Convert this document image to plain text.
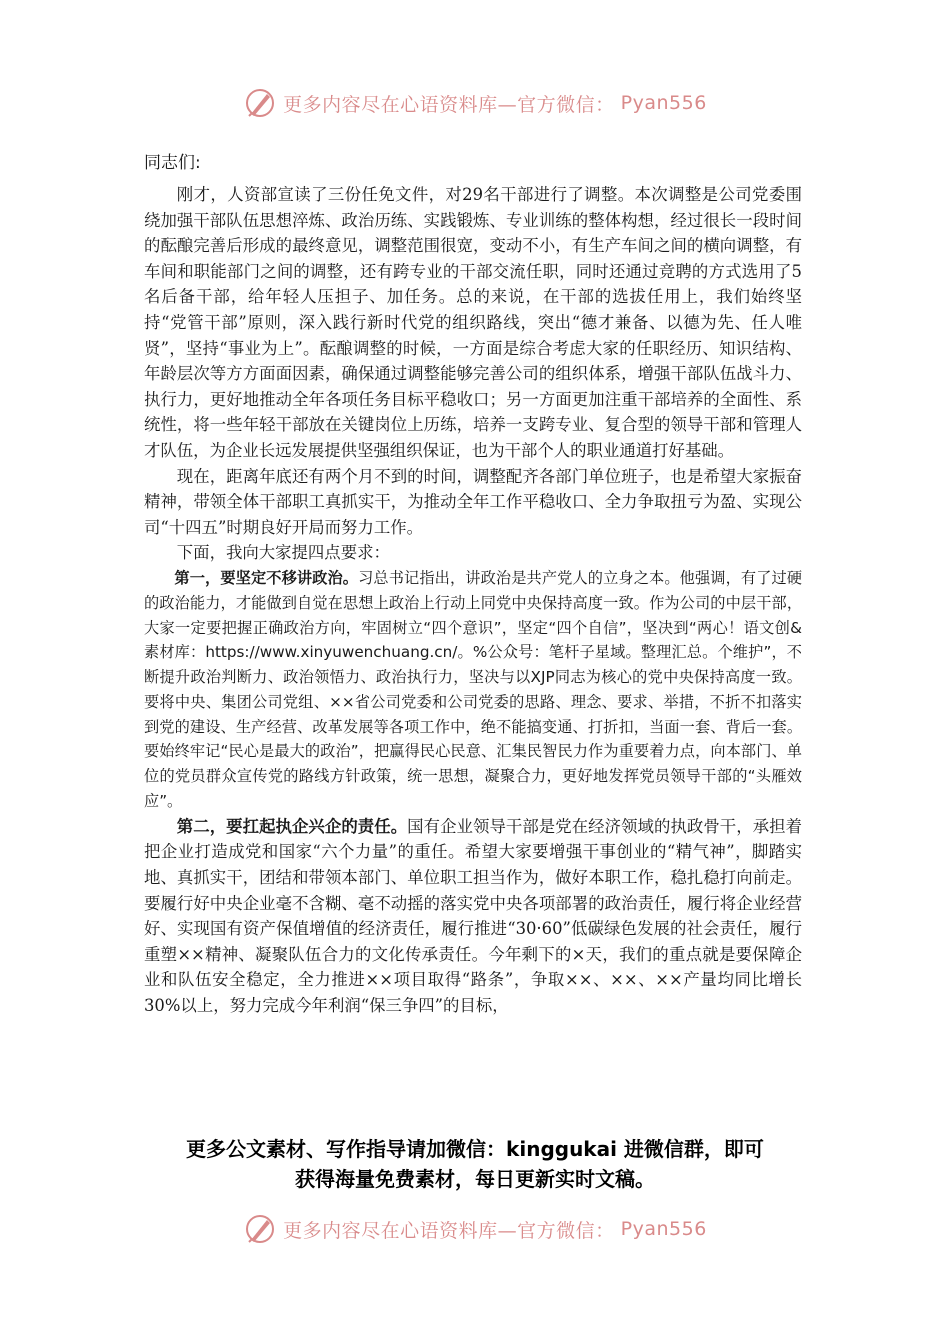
更多内容尽在心语资料库—官方微信： Pyan556
同志们:

刚才，人资部宣读了三份任免文件，对29名干部进行了调整。本次调整是公司党委围绕加强干部队伍思想淬炼、政治历练、实践锻炼、专业训练的整体构想，经过很长一段时间的酝酿完善后形成的最终意见，调整范围很宽，变动不小，有生产车间之间的横向调整，有车间和职能部门之间的调整，还有跨专业的干部交流任职，同时还通过竞聘的方式选用了5名后备干部，给年轻人压担子、加任务。总的来说，在干部的选拔任用上，我们始终坚持“党管干部”原则，深入践行新时代党的组织路线，突出“德才兼备、以德为先、任人唯贤”，坚持“事业为上”。酝酿调整的时候，一方面是综合考虑大家的任职经历、知识结构、年龄层次等方方面面因素，确保通过调整能够完善公司的组织体系，增强干部队伍战斗力、执行力，更好地推动全年各项任务目标平稳收口；另一方面更加注重干部培养的全面性、系统性，将一些年轻干部放在关键岗位上历练，培养一支跨专业、复合型的领导干部和管理人才队伍，为企业长远发展提供坚强组织保证，也为干部个人的职业通道打好基础。

现在，距离年底还有两个月不到的时间，调整配齐各部门单位班子，也是希望大家振奋精神，带领全体干部职工真抓实干，为推动全年工作平稳收口、全力争取扭亏为盈、实现公司“十四五”时期良好开局而努力工作。

下面，我向大家提四点要求：

第一，要坚定不移讲政治。习总书记指出，讲政治是共产党人的立身之本。他强调，有了过硬的政治能力，才能做到自觉在思想上政治上行动上同党中央保持高度一致。作为公司的中层干部，大家一定要把握正确政治方向，牢固树立“四个意识”，坚定“四个自信”，坚决到“两心！语文创&素材库：https://www.xinyuwenchuang.cn/。%公众号：笔杆子星域。整理汇总。个维护”，不断提升政治判断力、政治领悟力、政治执行力，坚决与以XJP同志为核心的党中央保持高度一致。要将中央、集团公司党组、××省公司党委和公司党委的思路、理念、要求、举措，不折不扣落实到党的建设、生产经营、改革发展等各项工作中，绝不能搞变通、打折扣，当面一套、背后一套。要始终牢记“民心是最大的政治”，把赢得民心民意、汇集民智民力作为重要着力点，向本部门、单位的党员群众宣传党的路线方针政策，统一思想，凝聚合力，更好地发挥党员领导干部的“头雁效应”。

第二，要扛起执企兴企的责任。国有企业领导干部是党在经济领域的执政骨干，承担着把企业打造成党和国家“六个力量”的重任。希望大家要增强干事创业的“精气神”，脚踏实地、真抓实干，团结和带领本部门、单位职工担当作为，做好本职工作，稳扎稳打向前走。要履行好中央企业毫不含糊、毫不动摇的落实党中央各项部署的政治责任，履行将企业经营好、实现国有资产保值增值的经济责任，履行推进“30·60”低碳绿色发展的社会责任，履行重塑××精神、凝聚队伍合力的文化传承责任。今年剩下的×天，我们的重点就是要保障企业和队伍安全稳定，全力推进××项目取得“路条”，争取××、××、××产量均同比增长30%以上，努力完成今年利润“保三争四”的目标，

更多公文素材、写作指导请加微信：kinggukai 进微信群，即可
获得海量免费素材，每日更新实时文稿。
更多内容尽在心语资料库—官方微信： Pyan556
